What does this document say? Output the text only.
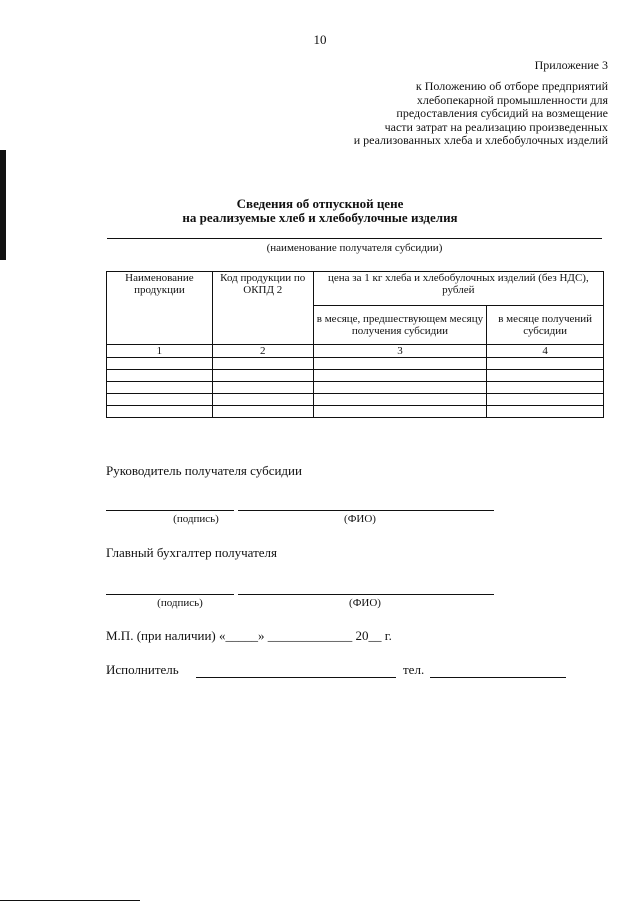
10
Приложение 3
к Положению об отборе предприятий
хлебопекарной промышленности для
предоставления субсидий на возмещение
части затрат на реализацию произведенных
и реализованных хлеба и хлебобулочных изделий
Сведения об отпускной цене
на реализуемые хлеб и хлебобулочные изделия
(наименование получателя субсидии)
Наименование продукции	Код продукции по ОКПД 2	цена за 1 кг хлеба и хлебобулочных изделий (без НДС), рублей	
		в месяце, предшествующем месяцу получения субсидии	в месяце получений субсидии
1	2	3	4

Руководитель получателя субсидии
(подпись)	(ФИО)
Главный бухгалтер получателя
(подпись)	(ФИО)
М.П. (при наличии) «_____» _____________ 20__ г.
Исполнитель	тел.
